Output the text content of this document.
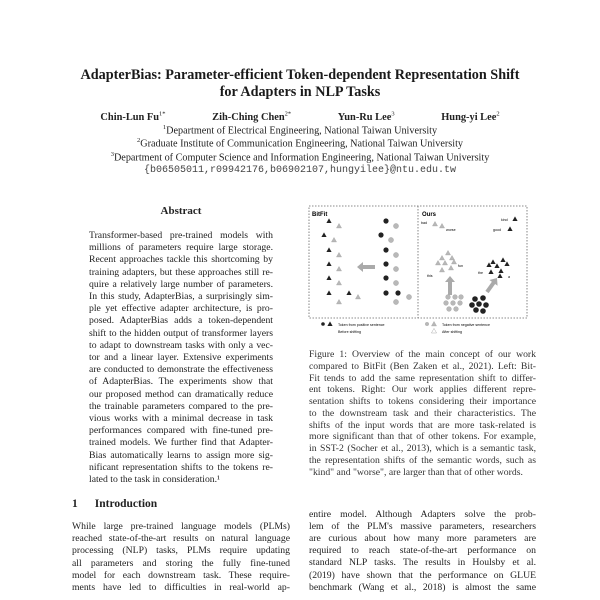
AdapterBias: Parameter-efficient Token-dependent Representation Shift
for Adapters in NLP Tasks
Chin-Lun $Fu^{1*}$	Zih-Ching Chen$^{2*}$	Yun-Ru Lee$^3$	Hung-yi Lee$^2$
$^1$Department of Electrical Engineering, National Taiwan University
$^2$Graduate Institute of Communication Engineering, National Taiwan University
$^3$Department of Computer Science and Information Engineering, National Taiwan University
{b06505011,r09942176,b06902107,hungyilee}@ntu.edu.tw
Abstract
Transformer-based pre-trained models with
millions of parameters require large storage.
Recent approaches tackle this shortcoming by
training adapters, but these approaches still re-
quire a relatively large number of parameters.
In this study, AdapterBias, a surprisingly sim-
ple yet effective adapter architecture, is pro-
posed. AdapterBias adds a token-dependent
shift to the hidden output of transformer layers
to adapt to downstream tasks with only a vec-
tor and a linear layer. Extensive experiments
are conducted to demonstrate the effectiveness
of AdapterBias. The experiments show that
our proposed method can dramatically reduce
the trainable parameters compared to the pre-
vious works with a minimal decrease in task
performances compared with fine-tuned pre-
trained models. We further find that Adapter-
Bias automatically learns to assign more sig-
nificant representation shifts to the tokens re-
lated to the task in consideration.¹
1 Introduction
While large pre-trained language models (PLMs)
reached state-of-the-art results on natural language
processing (NLP) tasks, PLMs require updating
all parameters and storing the fully fine-tuned
model for each downstream task. These require-
ments have led to difficulties in real-world ap-
BitFit	Ours
bad
worse
kind
good
fun
this
the
a
Token from positive sentence
Before shifting
Token from negative sentence
After shifting
Figure 1: Overview of the main concept of our work
compared to BitFit (Ben Zaken et al., 2021). Left: Bit-
Fit tends to add the same representation shift to differ-
ent tokens. Right: Our work applies different repre-
sentation shifts to tokens considering their importance
to the downstream task and their characteristics. The
shifts of the input words that are more task-related is
more significant than that of other tokens. For example,
in SST-2 (Socher et al., 2013), which is a semantic task,
the representation shifts of the semantic words, such as
"kind" and "worse", are larger than that of other words.
entire model. Although Adapters solve the prob-
lem of the PLM's massive parameters, researchers
are curious about how many more parameters are
required to reach state-of-the-art performance on
standard NLP tasks. The results in Houlsby et al.
(2019) have shown that the performance on GLUE
benchmark (Wang et al., 2018) is almost the same
